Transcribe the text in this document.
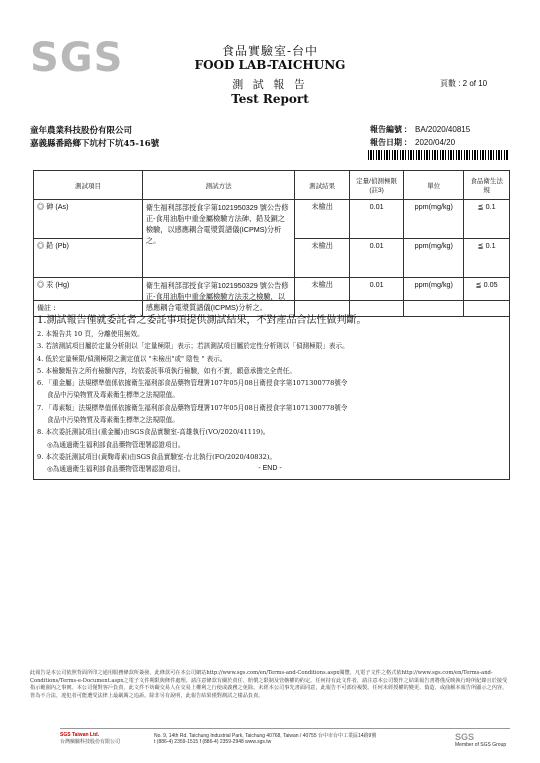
SGS	食品實驗室-台中
FOOD LAB-TAICHUNG
測 試 報 告
Test Report
頁數 : 2 of 10
童年農業科技股份有限公司
嘉義縣番路鄉下坑村下坑45-16號
報告編號 : BA/2020/40815
報告日期 : 2020/04/20
測試項目	測試方法	測試結果	定量/偵測極限(註3)	單位	食品衛生法規
◎ 砷 (As)	衛生福利部部授食字第1021950329 號公告修正-食用油脂中重金屬檢驗方法砷、鉛及銅之檢驗，以感應耦合電漿質譜儀(ICPMS)分析之。	未檢出	0.01	ppm(mg/kg)	≦ 0.1
◎ 鉛 (Pb)		未檢出	0.01	ppm(mg/kg)	≦ 0.1
◎ 汞 (Hg)	衛生福利部部授食字第1021950329 號公告修正-食用油脂中重金屬檢驗方法汞之檢驗，以感應耦合電漿質譜儀(ICPMS)分析之。	未檢出	0.01	ppm(mg/kg)	≦ 0.05
備註 :
1.測試報告僅就委託者之委託事項提供測試結果，不對產品合法性做判斷。
2. 本報告共 10 頁，分離使用無效。
3. 若該測試項目屬於定量分析則以「定量極限」表示；若該測試項目屬於定性分析則以「偵測極限」表示。
4. 低於定量極限/偵測極限之測定值以 "未檢出"或" 陰性 " 表示。
5. 本檢驗報告之所有檢驗內容，均依委託事項執行檢驗，如有不實，願意承擔完全責任。
6. 「重金屬」法規標準值係依據衛生福利部食品藥物管理署107年05月08日衛授食字第1071300778號令
食品中污染物質及毒素衛生標準之法規限值。
7. 「毒素類」法規標準值係依據衛生福利部食品藥物管理署107年05月08日衛授食字第1071300778號令
食品中污染物質及毒素衛生標準之法規限值。
8. 本次委託測試項目(重金屬)由SGS食品實驗室-高雄執行(VO/2020/41119)。
◎為通過衛生福利部食品藥物管理署認證項目。
9. 本次委託測試項目(黃麴毒素)由SGS食品實驗室-台北執行(FO/2020/40832)。
◎為通過衛生福利部食品藥物管理署認證項目。	- END -
此報告是本公司依照背面所印之通用服務條款所簽發，此條款可在本公司網站http://www.sgs.com/en/Terms-and-Conditions.aspx閱覽，凡電子文件之格式依http://www.sgs.com/en/Terms-and-Conditions/Terms-e-Document.aspx之電子文件期限與條件處理。請注意條款有關於責任、賠償之限制及管轄權的約定。任何持有此文件者，請注意本公司製作之結果報告書將僅反映執行時所紀錄且於接受指示範圍內之事實。本公司僅對客戶負責，此文件不妨礙交易人在交易上權利之行使或義務之免除。未經本公司事先書面同意，此報告不可部份複製。任何未經授權的變更、偽造、或曲解本報告所顯示之內容，皆為不合法，違犯者可能遭受法律上最嚴厲之追訴。除非另有說明，此報告結果僅對測試之樣品負責。
SGS Taiwan Ltd.
台灣檢驗科技股份有限公司
No. 9, 14th Rd. Taichung Industrial Park, Taichung 40768, Taiwan / 40755 台中市台中工業區14路9號
t (886-4) 2359-1515 f (886-4) 2359-2948 www.sgs.tw	SGS
Member of SGS Group
